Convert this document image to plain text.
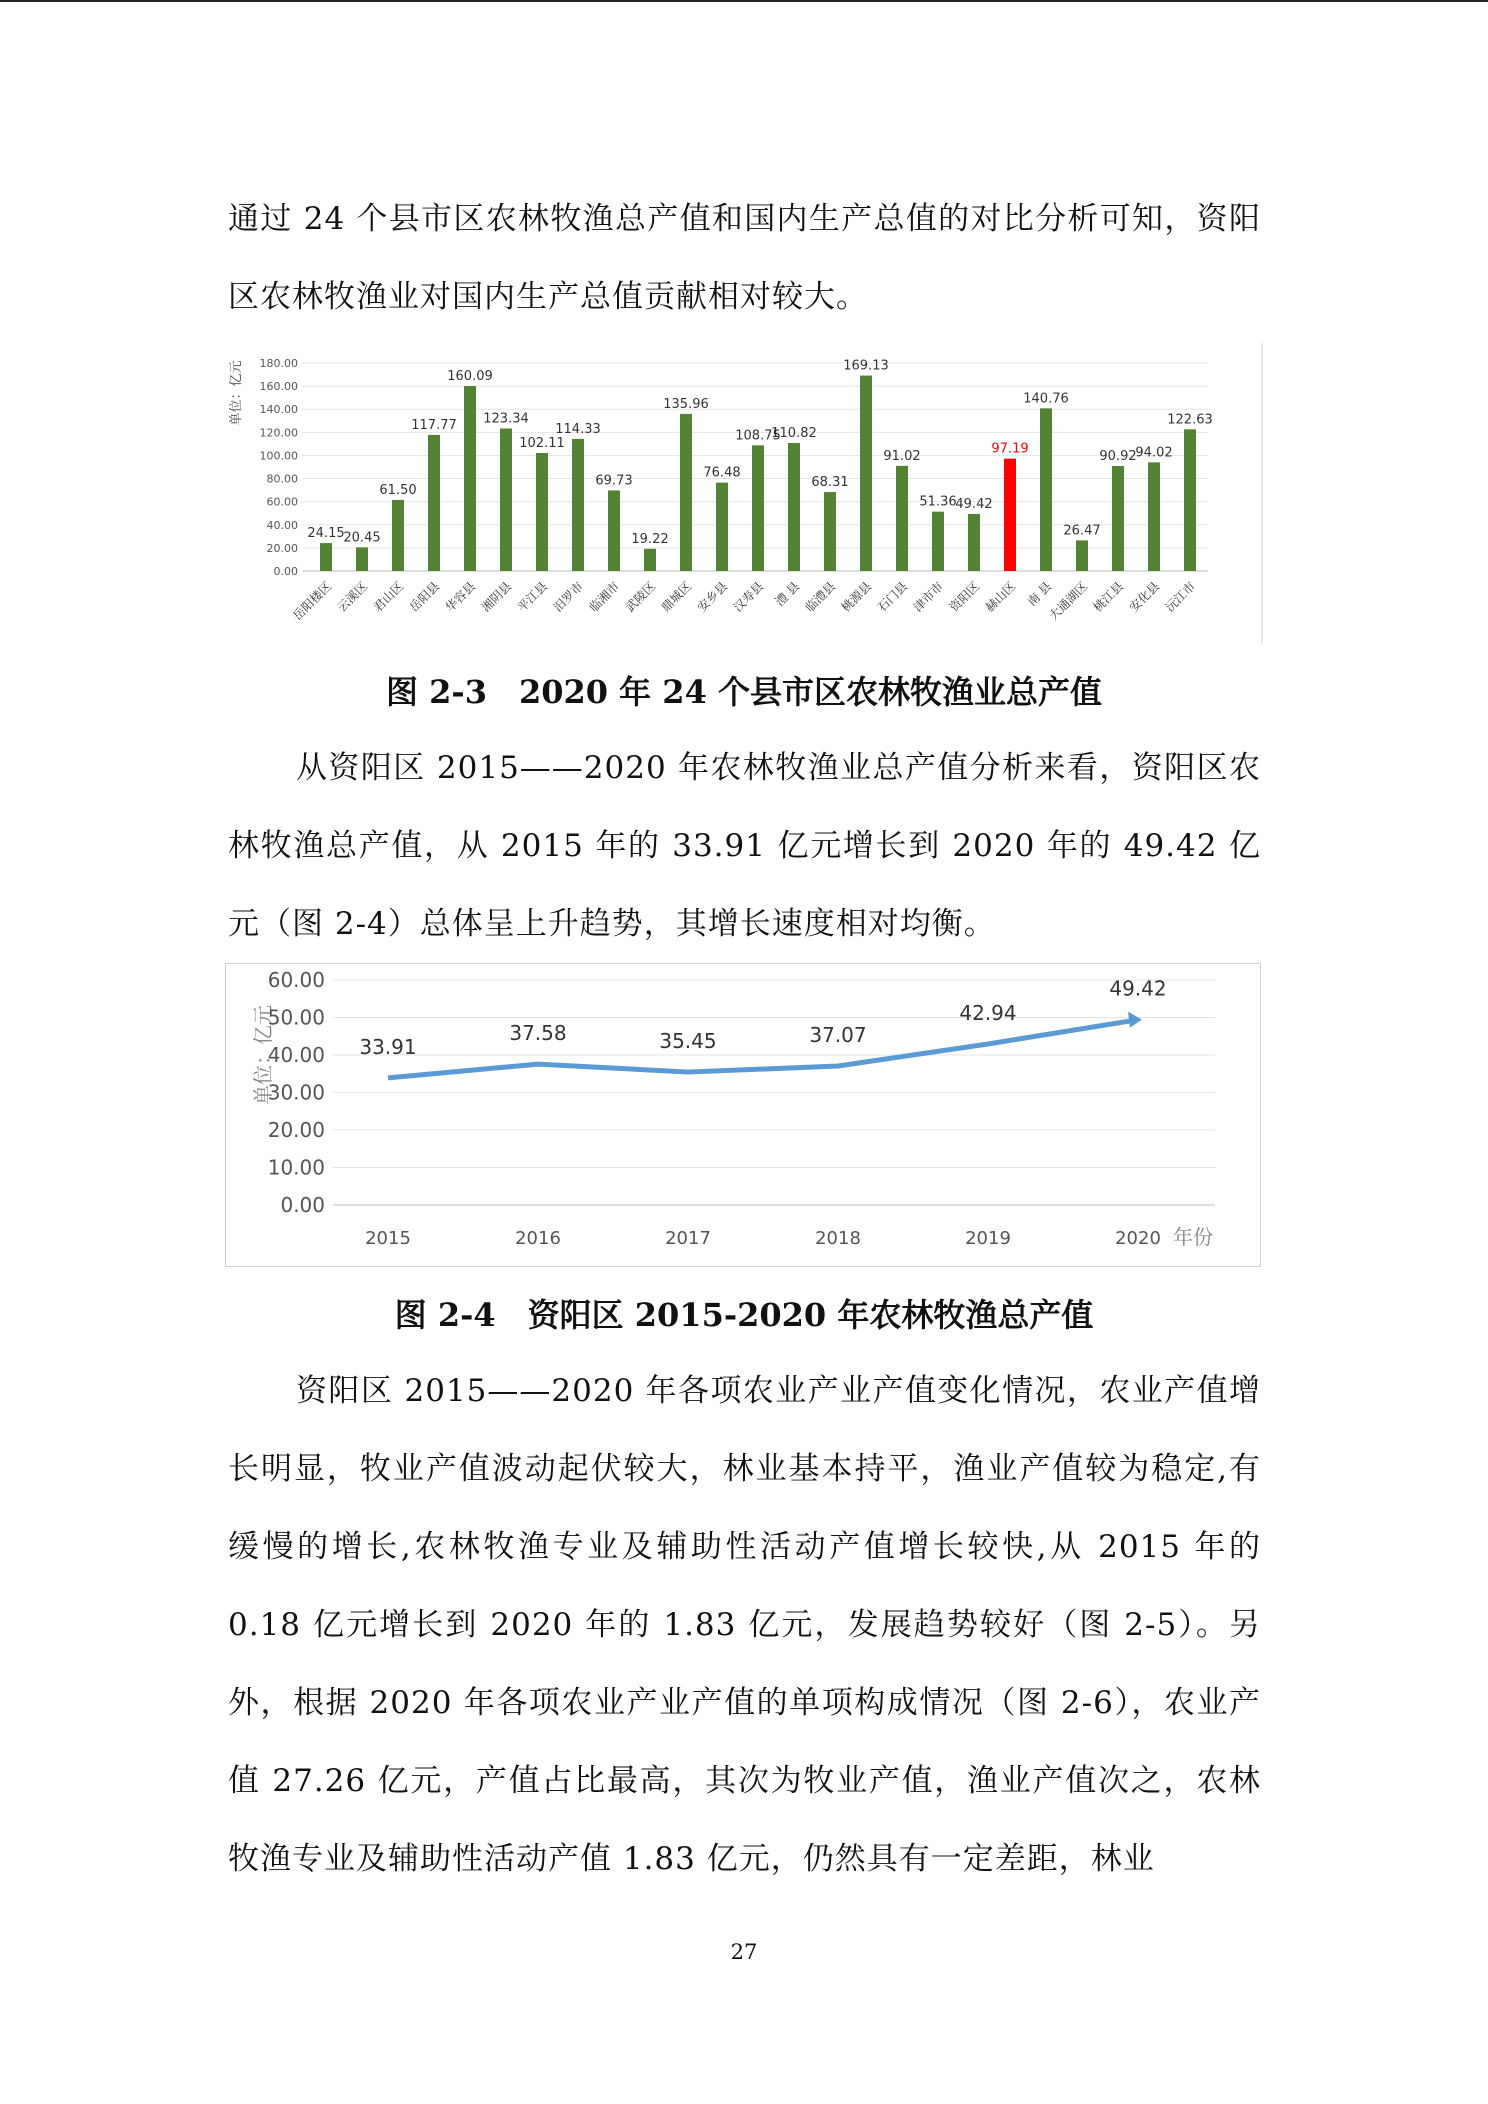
通过 24 个县市区农林牧渔总产值和国内生产总值的对比分析可知，资阳区农林牧渔业对国内生产总值贡献相对较大。

单位：亿元
0.00
20.00
40.00
60.00
80.00
100.00
120.00
140.00
160.00
180.00
24.15
20.45
61.50
117.77
160.09
123.34
102.11
114.33
69.73
19.22
135.96
76.48
108.75
110.82
68.31
169.13
91.02
51.36
49.42
97.19
140.76
26.47
90.92
94.02
122.63
岳阳楼区 云溪区 君山区 岳阳县 华容县 湘阴县 平江县 汨罗市 临湘市 武陵区 鼎城区 安乡县 汉寿县 澧 县 临澧县 桃源县 石门县 津市市 资阳区 赫山区 南 县
大通湖区 桃江县 安化县 沅江市

图 2-3　2020 年 24 个县市区农林牧渔业总产值

从资阳区 2015——2020 年农林牧渔业总产值分析来看，资阳区农林牧渔总产值，从 2015 年的 33.91 亿元增长到 2020 年的 49.42 亿元（图 2-4）总体呈上升趋势，其增长速度相对均衡。

单位：亿元
年份
0.00
10.00
20.00
30.00
40.00
50.00
60.00
2015	2016	2017	2018	2019	2020
33.91
37.58	35.45	37.07
42.94
49.42

图 2-4　资阳区 2015-2020 年农林牧渔总产值

资阳区 2015——2020 年各项农业产业产值变化情况，农业产值增长明显，牧业产值波动起伏较大，林业基本持平，渔业产值较为稳定,有缓慢的增长,农林牧渔专业及辅助性活动产值增长较快,从 2015 年的 0.18 亿元增长到 2020 年的 1.83 亿元，发展趋势较好（图 2-5）。另外，根据 2020 年各项农业产业产值的单项构成情况（图 2-6），农业产值 27.26 亿元，产值占比最高，其次为牧业产值，渔业产值次之，农林牧渔专业及辅助性活动产值 1.83 亿元，仍然具有一定差距，林业

27
